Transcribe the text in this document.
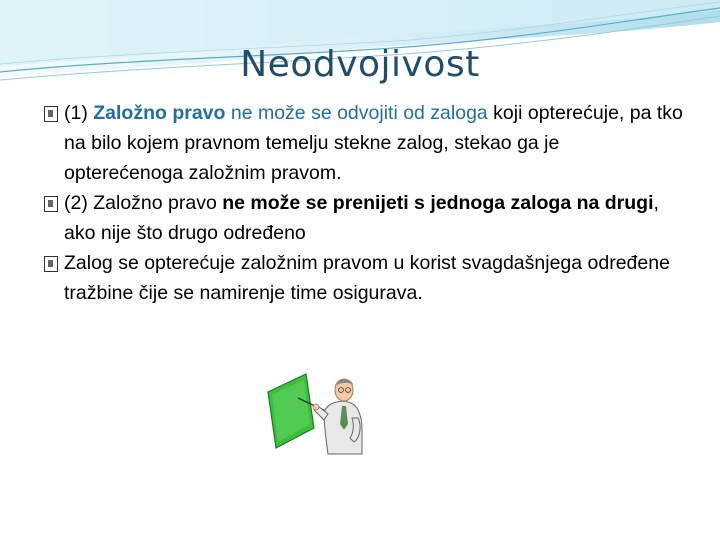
Neodvojivost
(1) Založno pravo ne može se odvojiti od zaloga koji opterećuje, pa tko na bilo kojem pravnom temelju stekne zalog, stekao ga je opterećenoga založnim pravom.
(2) Založno pravo ne može se prenijeti s jednoga zaloga na drugi, ako nije što drugo određeno
Zalog se opterećuje založnim pravom u korist svagdašnjega određene tražbine čije se namirenje time osigurava.
